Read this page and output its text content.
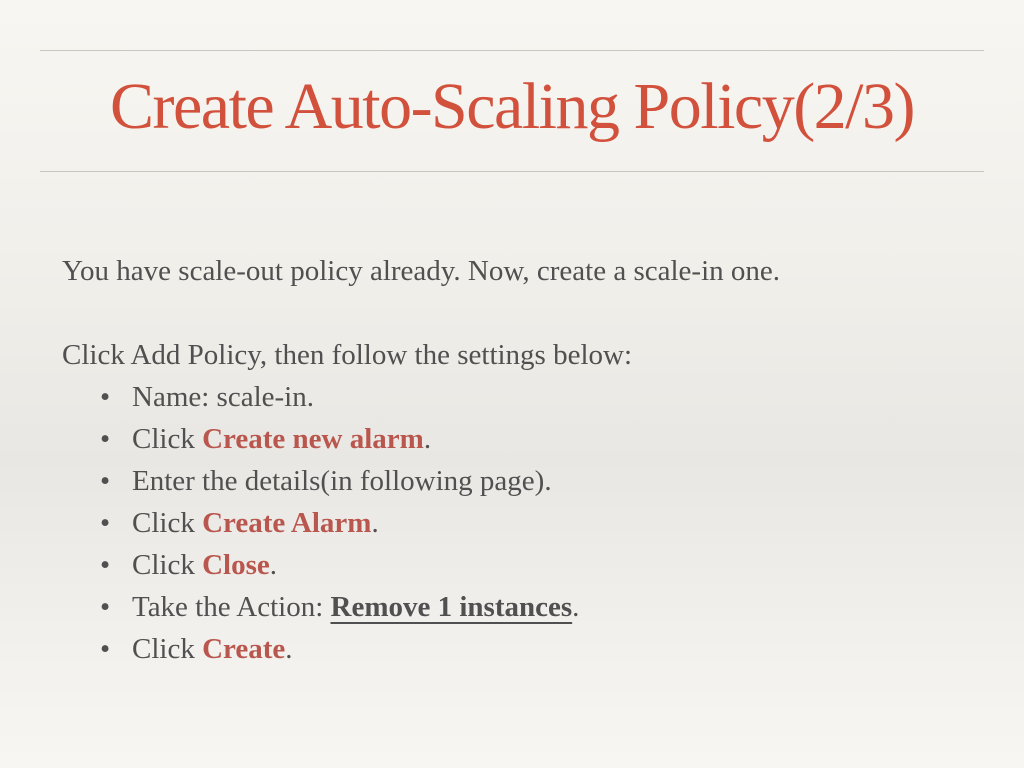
Create Auto-Scaling Policy(2/3)
You have scale-out policy already. Now, create a scale-in one.
Click Add Policy, then follow the settings below:
• Name: scale-in.
• Click Create new alarm.
• Enter the details(in following page).
• Click Create Alarm.
• Click Close.
• Take the Action: Remove 1 instances.
• Click Create.
